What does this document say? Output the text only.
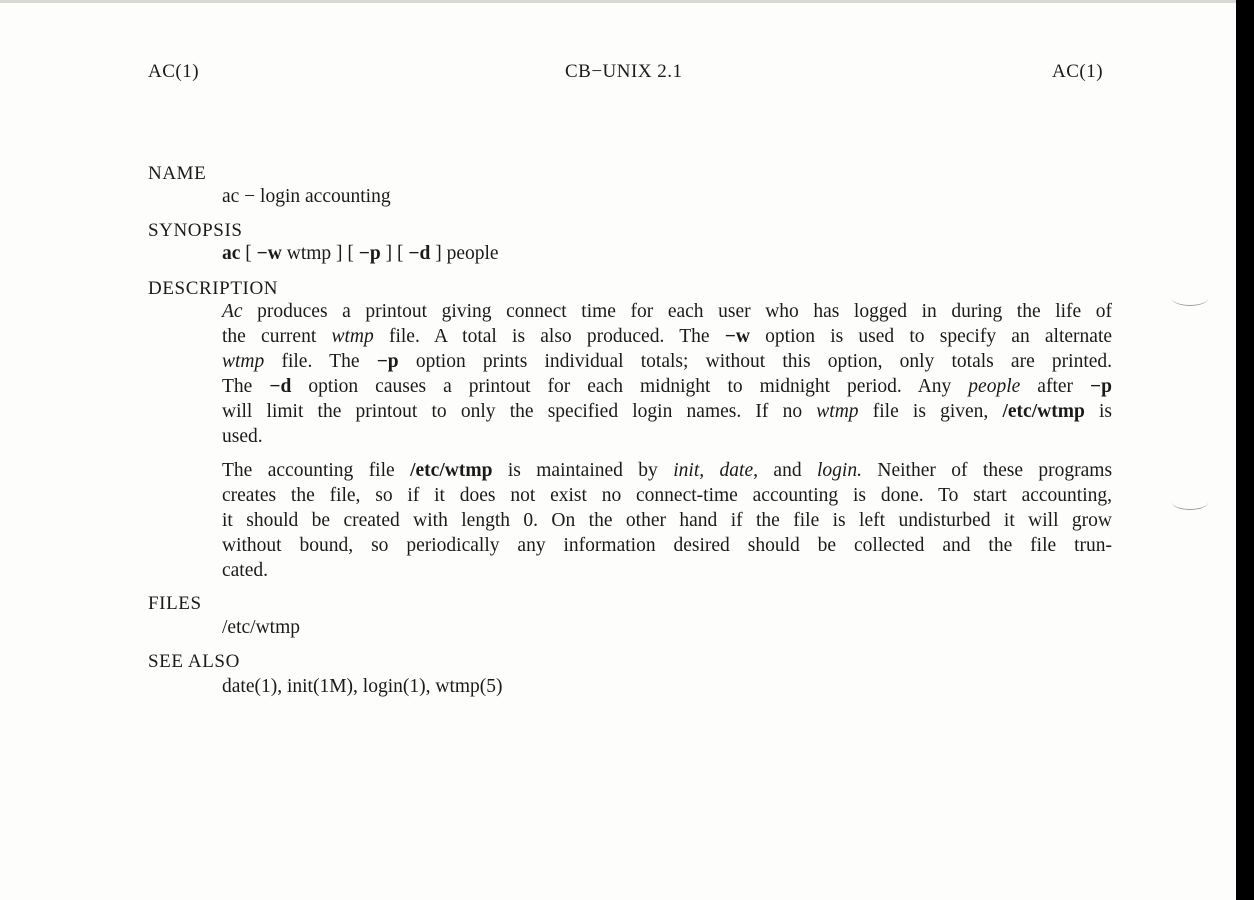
AC(1)	CB−UNIX 2.1	AC(1)
NAME
ac − login accounting
SYNOPSIS
ac [ −w wtmp ] [ −p ] [ −d ] people
DESCRIPTION
Ac produces a printout giving connect time for each user who has logged in during the life of
the current wtmp file. A total is also produced. The −w option is used to specify an alternate
wtmp file. The −p option prints individual totals; without this option, only totals are printed.
The −d option causes a printout for each midnight to midnight period. Any people after −p
will limit the printout to only the specified login names. If no wtmp file is given, /etc/wtmp is
used.
The accounting file /etc/wtmp is maintained by init, date, and login. Neither of these programs
creates the file, so if it does not exist no connect-time accounting is done. To start accounting,
it should be created with length 0. On the other hand if the file is left undisturbed it will grow
without bound, so periodically any information desired should be collected and the file trun-
cated.
FILES
/etc/wtmp
SEE ALSO
date(1), init(1M), login(1), wtmp(5)
